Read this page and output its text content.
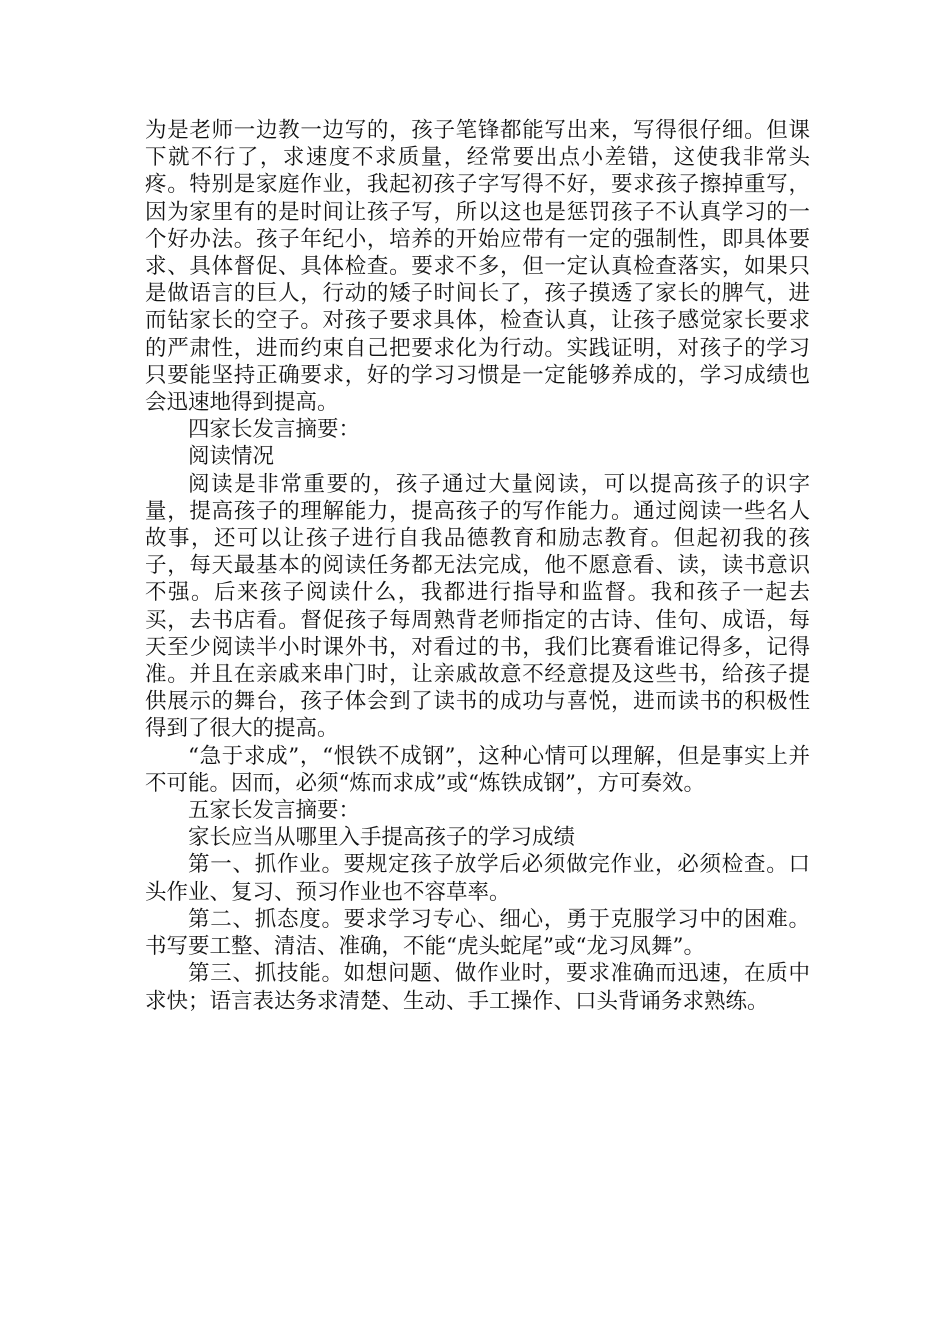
为是老师一边教一边写的，孩子笔锋都能写出来，写得很仔细。但课下就不行了，求速度不求质量，经常要出点小差错，这使我非常头疼。特别是家庭作业，我起初孩子字写得不好，要求孩子擦掉重写，因为家里有的是时间让孩子写，所以这也是惩罚孩子不认真学习的一个好办法。孩子年纪小，培养的开始应带有一定的强制性，即具体要求、具体督促、具体检查。要求不多，但一定认真检查落实，如果只是做语言的巨人，行动的矮子时间长了，孩子摸透了家长的脾气，进而钻家长的空子。对孩子要求具体，检查认真，让孩子感觉家长要求的严肃性，进而约束自己把要求化为行动。实践证明，对孩子的学习只要能坚持正确要求，好的学习习惯是一定能够养成的，学习成绩也会迅速地得到提高。

四家长发言摘要：

阅读情况

阅读是非常重要的，孩子通过大量阅读，可以提高孩子的识字量，提高孩子的理解能力，提高孩子的写作能力。通过阅读一些名人故事，还可以让孩子进行自我品德教育和励志教育。但起初我的孩子，每天最基本的阅读任务都无法完成，他不愿意看、读，读书意识不强。后来孩子阅读什么，我都进行指导和监督。我和孩子一起去买，去书店看。督促孩子每周熟背老师指定的古诗、佳句、成语，每天至少阅读半小时课外书，对看过的书，我们比赛看谁记得多，记得准。并且在亲戚来串门时，让亲戚故意不经意提及这些书，给孩子提供展示的舞台，孩子体会到了读书的成功与喜悦，进而读书的积极性得到了很大的提高。

“急于求成”，“恨铁不成钢”，这种心情可以理解，但是事实上并不可能。因而，必须“炼而求成”或“炼铁成钢”，方可奏效。

五家长发言摘要：

家长应当从哪里入手提高孩子的学习成绩

第一、抓作业。要规定孩子放学后必须做完作业，必须检查。口头作业、复习、预习作业也不容草率。

第二、抓态度。要求学习专心、细心，勇于克服学习中的困难。书写要工整、清洁、准确，不能“虎头蛇尾”或“龙习凤舞”。

第三、抓技能。如想问题、做作业时，要求准确而迅速，在质中求快；语言表达务求清楚、生动、手工操作、口头背诵务求熟练。
